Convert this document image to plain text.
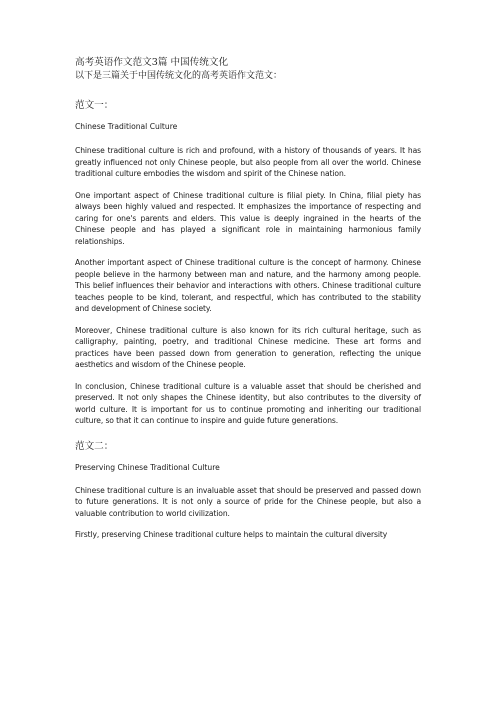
高考英语作文范文3篇 中国传统文化

以下是三篇关于中国传统文化的高考英语作文范文：

范文一：

Chinese Traditional Culture

Chinese traditional culture is rich and profound, with a history of thousands of years. It has greatly influenced not only Chinese people, but also people from all over the world. Chinese traditional culture embodies the wisdom and spirit of the Chinese nation.

One important aspect of Chinese traditional culture is filial piety. In China, filial piety has always been highly valued and respected. It emphasizes the importance of respecting and caring for one's parents and elders. This value is deeply ingrained in the hearts of the Chinese people and has played a significant role in maintaining harmonious family relationships.

Another important aspect of Chinese traditional culture is the concept of harmony. Chinese people believe in the harmony between man and nature, and the harmony among people. This belief influences their behavior and interactions with others. Chinese traditional culture teaches people to be kind, tolerant, and respectful, which has contributed to the stability and development of Chinese society.

Moreover, Chinese traditional culture is also known for its rich cultural heritage, such as calligraphy, painting, poetry, and traditional Chinese medicine. These art forms and practices have been passed down from generation to generation, reflecting the unique aesthetics and wisdom of the Chinese people.

In conclusion, Chinese traditional culture is a valuable asset that should be cherished and preserved. It not only shapes the Chinese identity, but also contributes to the diversity of world culture. It is important for us to continue promoting and inheriting our traditional culture, so that it can continue to inspire and guide future generations.

范文二：

Preserving Chinese Traditional Culture

Chinese traditional culture is an invaluable asset that should be preserved and passed down to future generations. It is not only a source of pride for the Chinese people, but also a valuable contribution to world civilization.

Firstly, preserving Chinese traditional culture helps to maintain the cultural diversity
